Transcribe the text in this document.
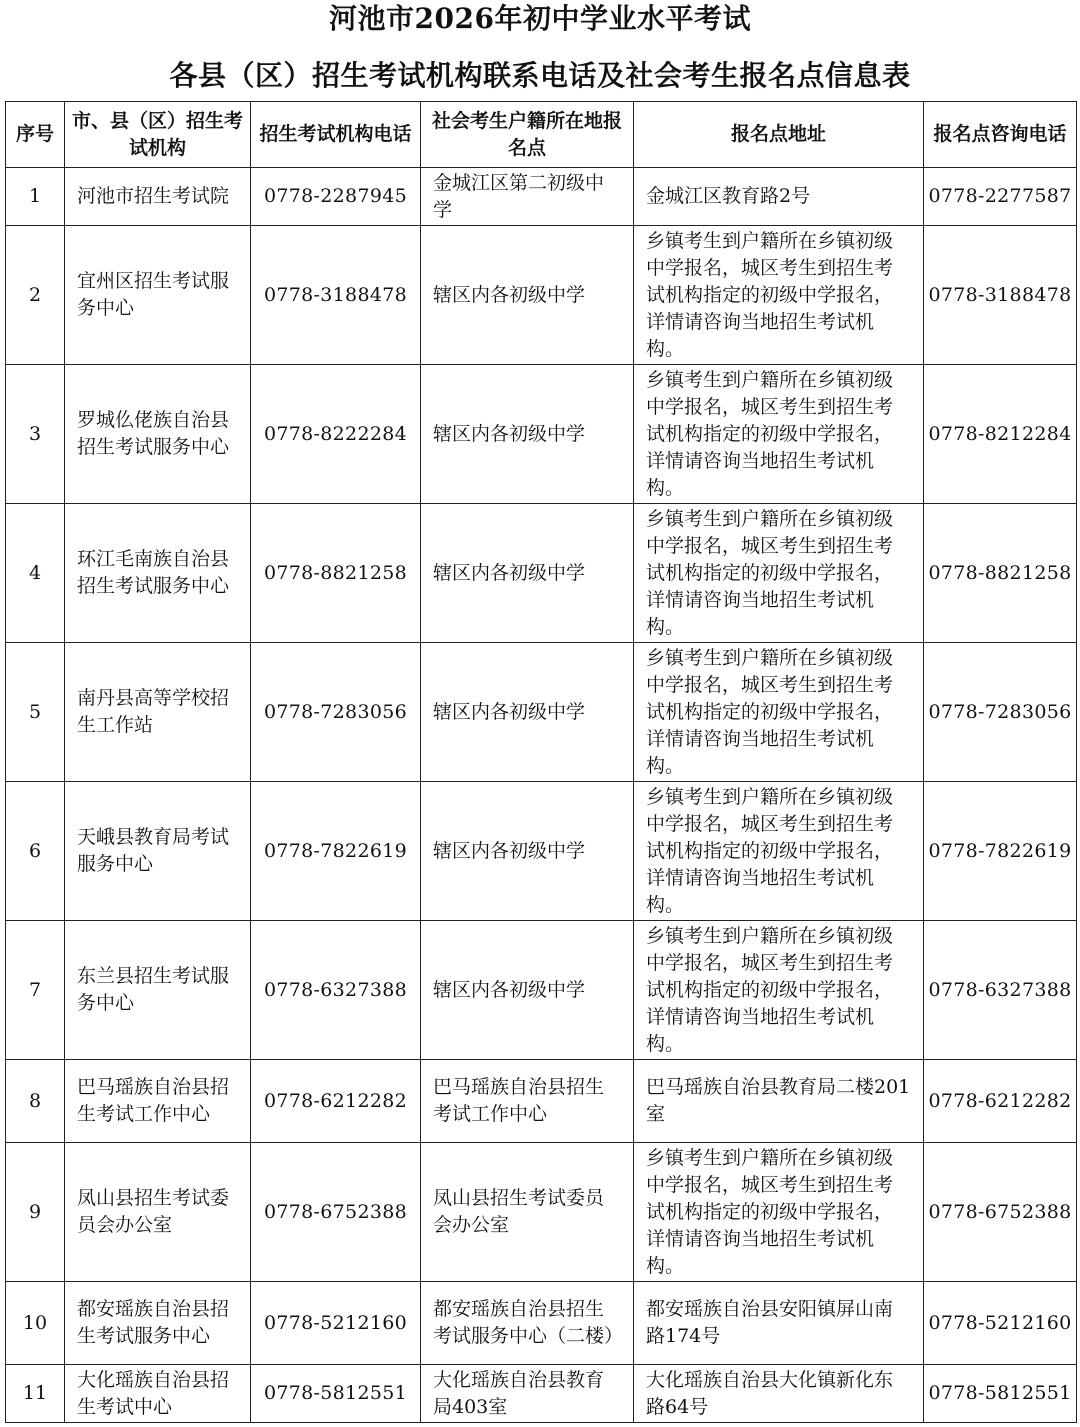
河池市2026年初中学业水平考试
各县（区）招生考试机构联系电话及社会考生报名点信息表
序号	市、县（区）招生考试机构	招生考试机构电话	社会考生户籍所在地报名点	报名点地址	报名点咨询电话
1	河池市招生考试院	0778-2287945	金城江区第二初级中学	金城江区教育路2号	0778-2277587
2	宜州区招生考试服务中心	0778-3188478	辖区内各初级中学	乡镇考生到户籍所在乡镇初级中学报名，城区考生到招生考试机构指定的初级中学报名，详情请咨询当地招生考试机构。	0778-3188478
3	罗城仫佬族自治县招生考试服务中心	0778-8222284	辖区内各初级中学	乡镇考生到户籍所在乡镇初级中学报名，城区考生到招生考试机构指定的初级中学报名，详情请咨询当地招生考试机构。	0778-8212284
4	环江毛南族自治县招生考试服务中心	0778-8821258	辖区内各初级中学	乡镇考生到户籍所在乡镇初级中学报名，城区考生到招生考试机构指定的初级中学报名，详情请咨询当地招生考试机构。	0778-8821258
5	南丹县高等学校招生工作站	0778-7283056	辖区内各初级中学	乡镇考生到户籍所在乡镇初级中学报名，城区考生到招生考试机构指定的初级中学报名，详情请咨询当地招生考试机构。	0778-7283056
6	天峨县教育局考试服务中心	0778-7822619	辖区内各初级中学	乡镇考生到户籍所在乡镇初级中学报名，城区考生到招生考试机构指定的初级中学报名，详情请咨询当地招生考试机构。	0778-7822619
7	东兰县招生考试服务中心	0778-6327388	辖区内各初级中学	乡镇考生到户籍所在乡镇初级中学报名，城区考生到招生考试机构指定的初级中学报名，详情请咨询当地招生考试机构。	0778-6327388
8	巴马瑶族自治县招生考试工作中心	0778-6212282	巴马瑶族自治县招生考试工作中心	巴马瑶族自治县教育局二楼201室	0778-6212282
9	凤山县招生考试委员会办公室	0778-6752388	凤山县招生考试委员会办公室	乡镇考生到户籍所在乡镇初级中学报名，城区考生到招生考试机构指定的初级中学报名，详情请咨询当地招生考试机构。	0778-6752388
10	都安瑶族自治县招生考试服务中心	0778-5212160	都安瑶族自治县招生考试服务中心（二楼）	都安瑶族自治县安阳镇屏山南路174号	0778-5212160
11	大化瑶族自治县招生考试中心	0778-5812551	大化瑶族自治县教育局403室	大化瑶族自治县大化镇新化东路64号	0778-5812551
